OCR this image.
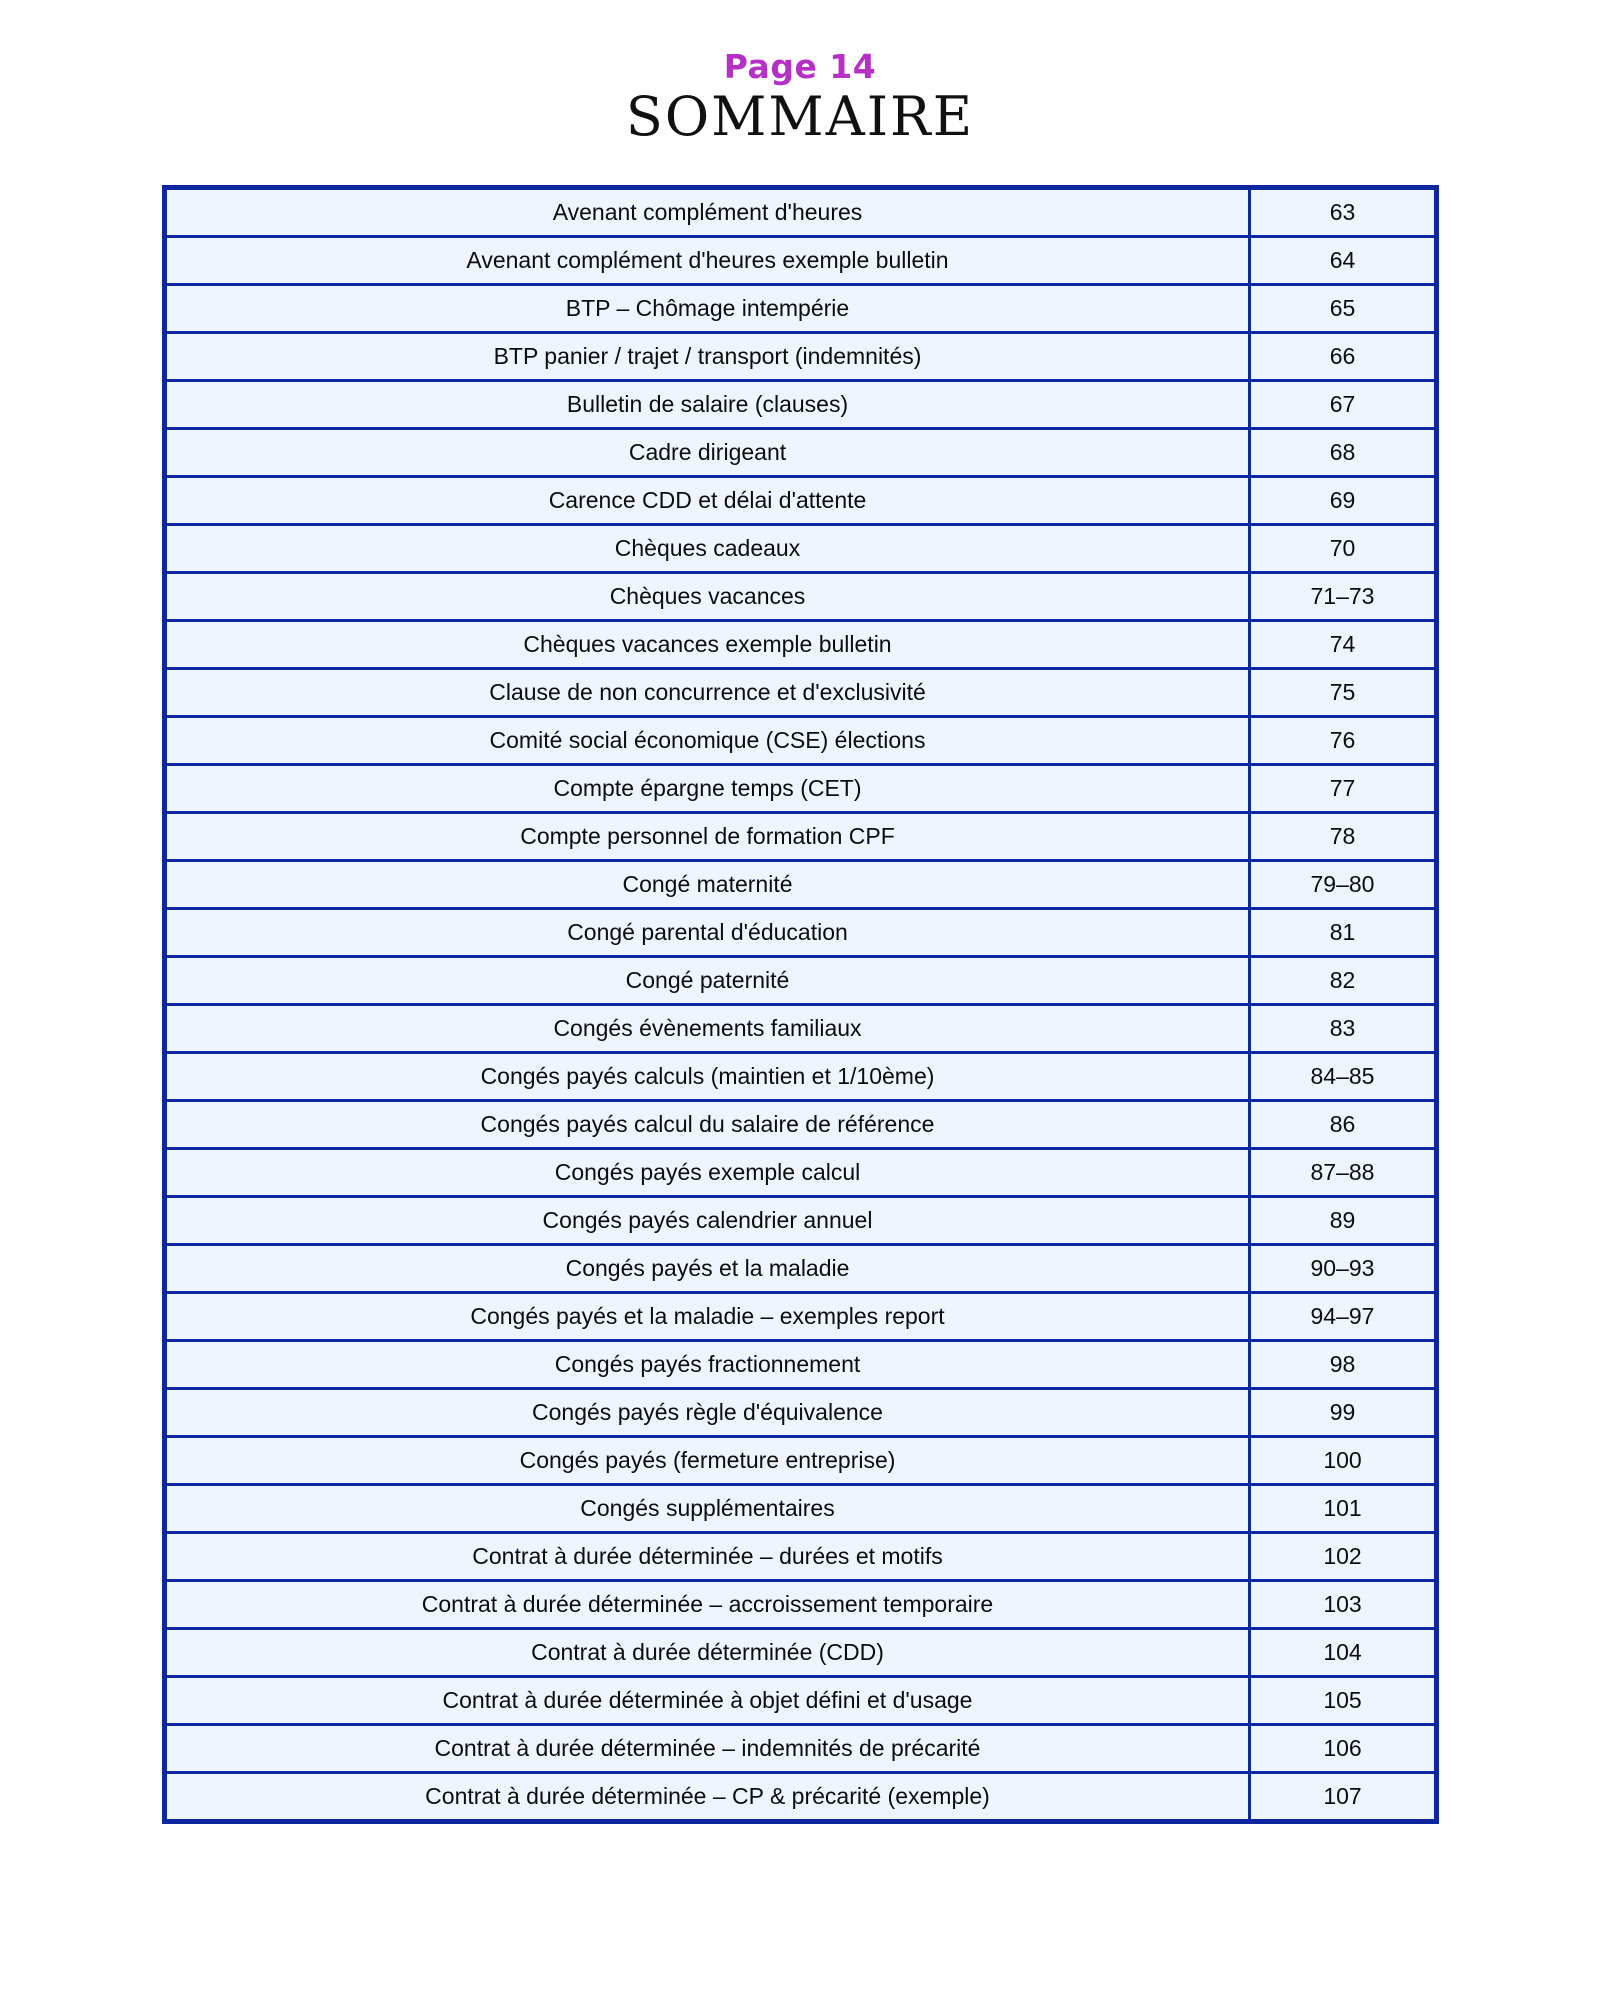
Page 14
SOMMAIRE
Avenant complément d'heures	63
Avenant complément d'heures exemple bulletin	64
BTP – Chômage intempérie	65
BTP panier / trajet / transport (indemnités)	66
Bulletin de salaire (clauses)	67
Cadre dirigeant	68
Carence CDD et délai d'attente	69
Chèques cadeaux	70
Chèques vacances	71–73
Chèques vacances exemple bulletin	74
Clause de non concurrence et d'exclusivité	75
Comité social économique (CSE) élections	76
Compte épargne temps (CET)	77
Compte personnel de formation CPF	78
Congé maternité	79–80
Congé parental d'éducation	81
Congé paternité	82
Congés évènements familiaux	83
Congés payés calculs (maintien et 1/10ème)	84–85
Congés payés calcul du salaire de référence	86
Congés payés exemple calcul	87–88
Congés payés calendrier annuel	89
Congés payés et la maladie	90–93
Congés payés et la maladie – exemples report	94–97
Congés payés fractionnement	98
Congés payés règle d'équivalence	99
Congés payés (fermeture entreprise)	100
Congés supplémentaires	101
Contrat à durée déterminée – durées et motifs	102
Contrat à durée déterminée – accroissement temporaire	103
Contrat à durée déterminée (CDD)	104
Contrat à durée déterminée à objet défini et d'usage	105
Contrat à durée déterminée – indemnités de précarité	106
Contrat à durée déterminée – CP & précarité (exemple)	107
